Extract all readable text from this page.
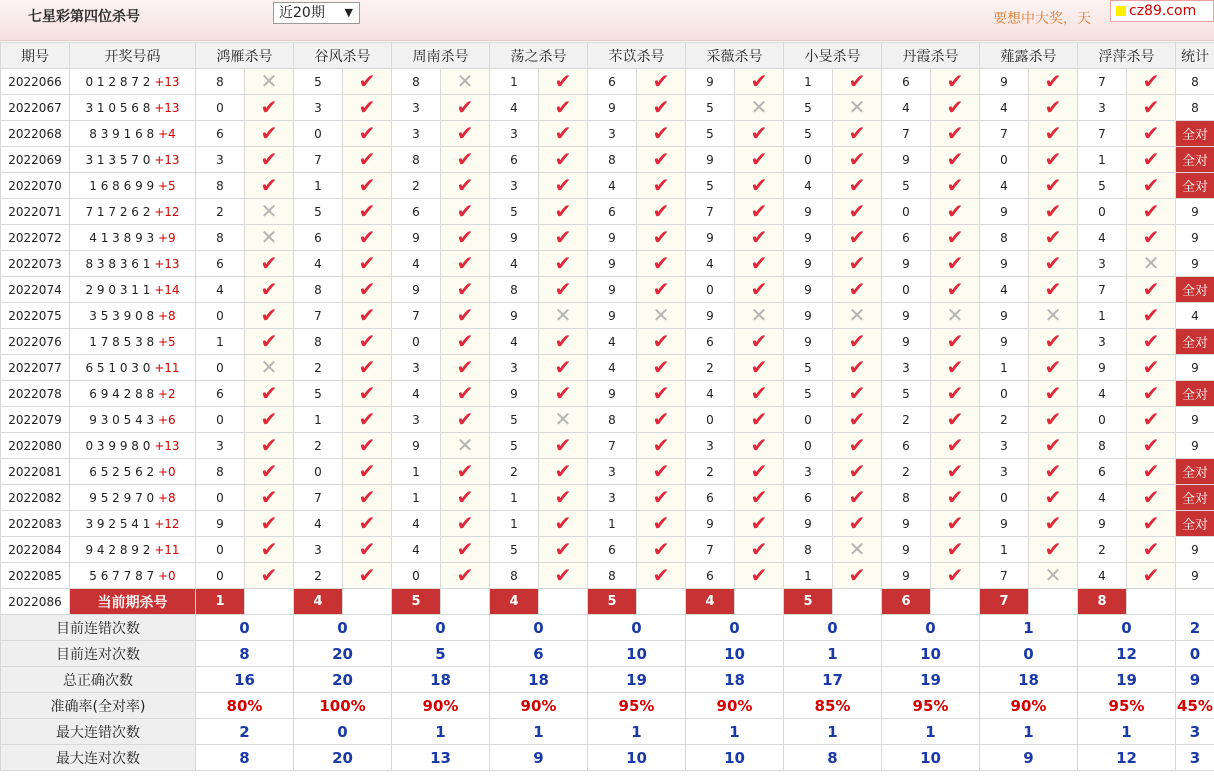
七星彩第四位杀号	近20期 ▼	要想中大奖，天	cz89.com
期号	开奖号码	鸿雁杀号		谷风杀号		周南杀号		荡之杀号		芣苡杀号		采薇杀号		小旻杀号		丹霞杀号		薤露杀号		浮萍杀号		统计
2022066	0 1 2 8 7 2 +13	8	✕	5	✔	8	✕	1	✔	6	✔	9	✔	1	✔	6	✔	9	✔	7	✔	8
2022067	3 1 0 5 6 8 +13	0	✔	3	✔	3	✔	4	✔	9	✔	5	✕	5	✕	4	✔	4	✔	3	✔	8
2022068	8 3 9 1 6 8 +4	6	✔	0	✔	3	✔	3	✔	3	✔	5	✔	5	✔	7	✔	7	✔	7	✔	全对
2022069	3 1 3 5 7 0 +13	3	✔	7	✔	8	✔	6	✔	8	✔	9	✔	0	✔	9	✔	0	✔	1	✔	全对
2022070	1 6 8 6 9 9 +5	8	✔	1	✔	2	✔	3	✔	4	✔	5	✔	4	✔	5	✔	4	✔	5	✔	全对
2022071	7 1 7 2 6 2 +12	2	✕	5	✔	6	✔	5	✔	6	✔	7	✔	9	✔	0	✔	9	✔	0	✔	9
2022072	4 1 3 8 9 3 +9	8	✕	6	✔	9	✔	9	✔	9	✔	9	✔	9	✔	6	✔	8	✔	4	✔	9
2022073	8 3 8 3 6 1 +13	6	✔	4	✔	4	✔	4	✔	9	✔	4	✔	9	✔	9	✔	9	✔	3	✕	9
2022074	2 9 0 3 1 1 +14	4	✔	8	✔	9	✔	8	✔	9	✔	0	✔	9	✔	0	✔	4	✔	7	✔	全对
2022075	3 5 3 9 0 8 +8	0	✔	7	✔	7	✔	9	✕	9	✕	9	✕	9	✕	9	✕	9	✕	1	✔	4
2022076	1 7 8 5 3 8 +5	1	✔	8	✔	0	✔	4	✔	4	✔	6	✔	9	✔	9	✔	9	✔	3	✔	全对
2022077	6 5 1 0 3 0 +11	0	✕	2	✔	3	✔	3	✔	4	✔	2	✔	5	✔	3	✔	1	✔	9	✔	9
2022078	6 9 4 2 8 8 +2	6	✔	5	✔	4	✔	9	✔	9	✔	4	✔	5	✔	5	✔	0	✔	4	✔	全对
2022079	9 3 0 5 4 3 +6	0	✔	1	✔	3	✔	5	✕	8	✔	0	✔	0	✔	2	✔	2	✔	0	✔	9
2022080	0 3 9 9 8 0 +13	3	✔	2	✔	9	✕	5	✔	7	✔	3	✔	0	✔	6	✔	3	✔	8	✔	9
2022081	6 5 2 5 6 2 +0	8	✔	0	✔	1	✔	2	✔	3	✔	2	✔	3	✔	2	✔	3	✔	6	✔	全对
2022082	9 5 2 9 7 0 +8	0	✔	7	✔	1	✔	1	✔	3	✔	6	✔	6	✔	8	✔	0	✔	4	✔	全对
2022083	3 9 2 5 4 1 +12	9	✔	4	✔	4	✔	1	✔	1	✔	9	✔	9	✔	9	✔	9	✔	9	✔	全对
2022084	9 4 2 8 9 2 +11	0	✔	3	✔	4	✔	5	✔	6	✔	7	✔	8	✕	9	✔	1	✔	2	✔	9
2022085	5 6 7 7 8 7 +0	0	✔	2	✔	0	✔	8	✔	8	✔	6	✔	1	✔	9	✔	7	✕	4	✔	9
2022086	当前期杀号	1		4		5		4		5		4		5		6		7		8		
目前连错次数		0		0		0		0		0		0		0		0		1		0		2
目前连对次数		8		20		5		6		10		10		1		10		0		12		0
总正确次数		16		20		18		18		19		18		17		19		18		19		9
准确率(全对率)		80%		100%		90%		90%		95%		90%		85%		95%		90%		95%		45%
最大连错次数		2		0		1		1		1		1		1		1		1		1		3
最大连对次数		8		20		13		9		10		10		8		10		9		12		3
